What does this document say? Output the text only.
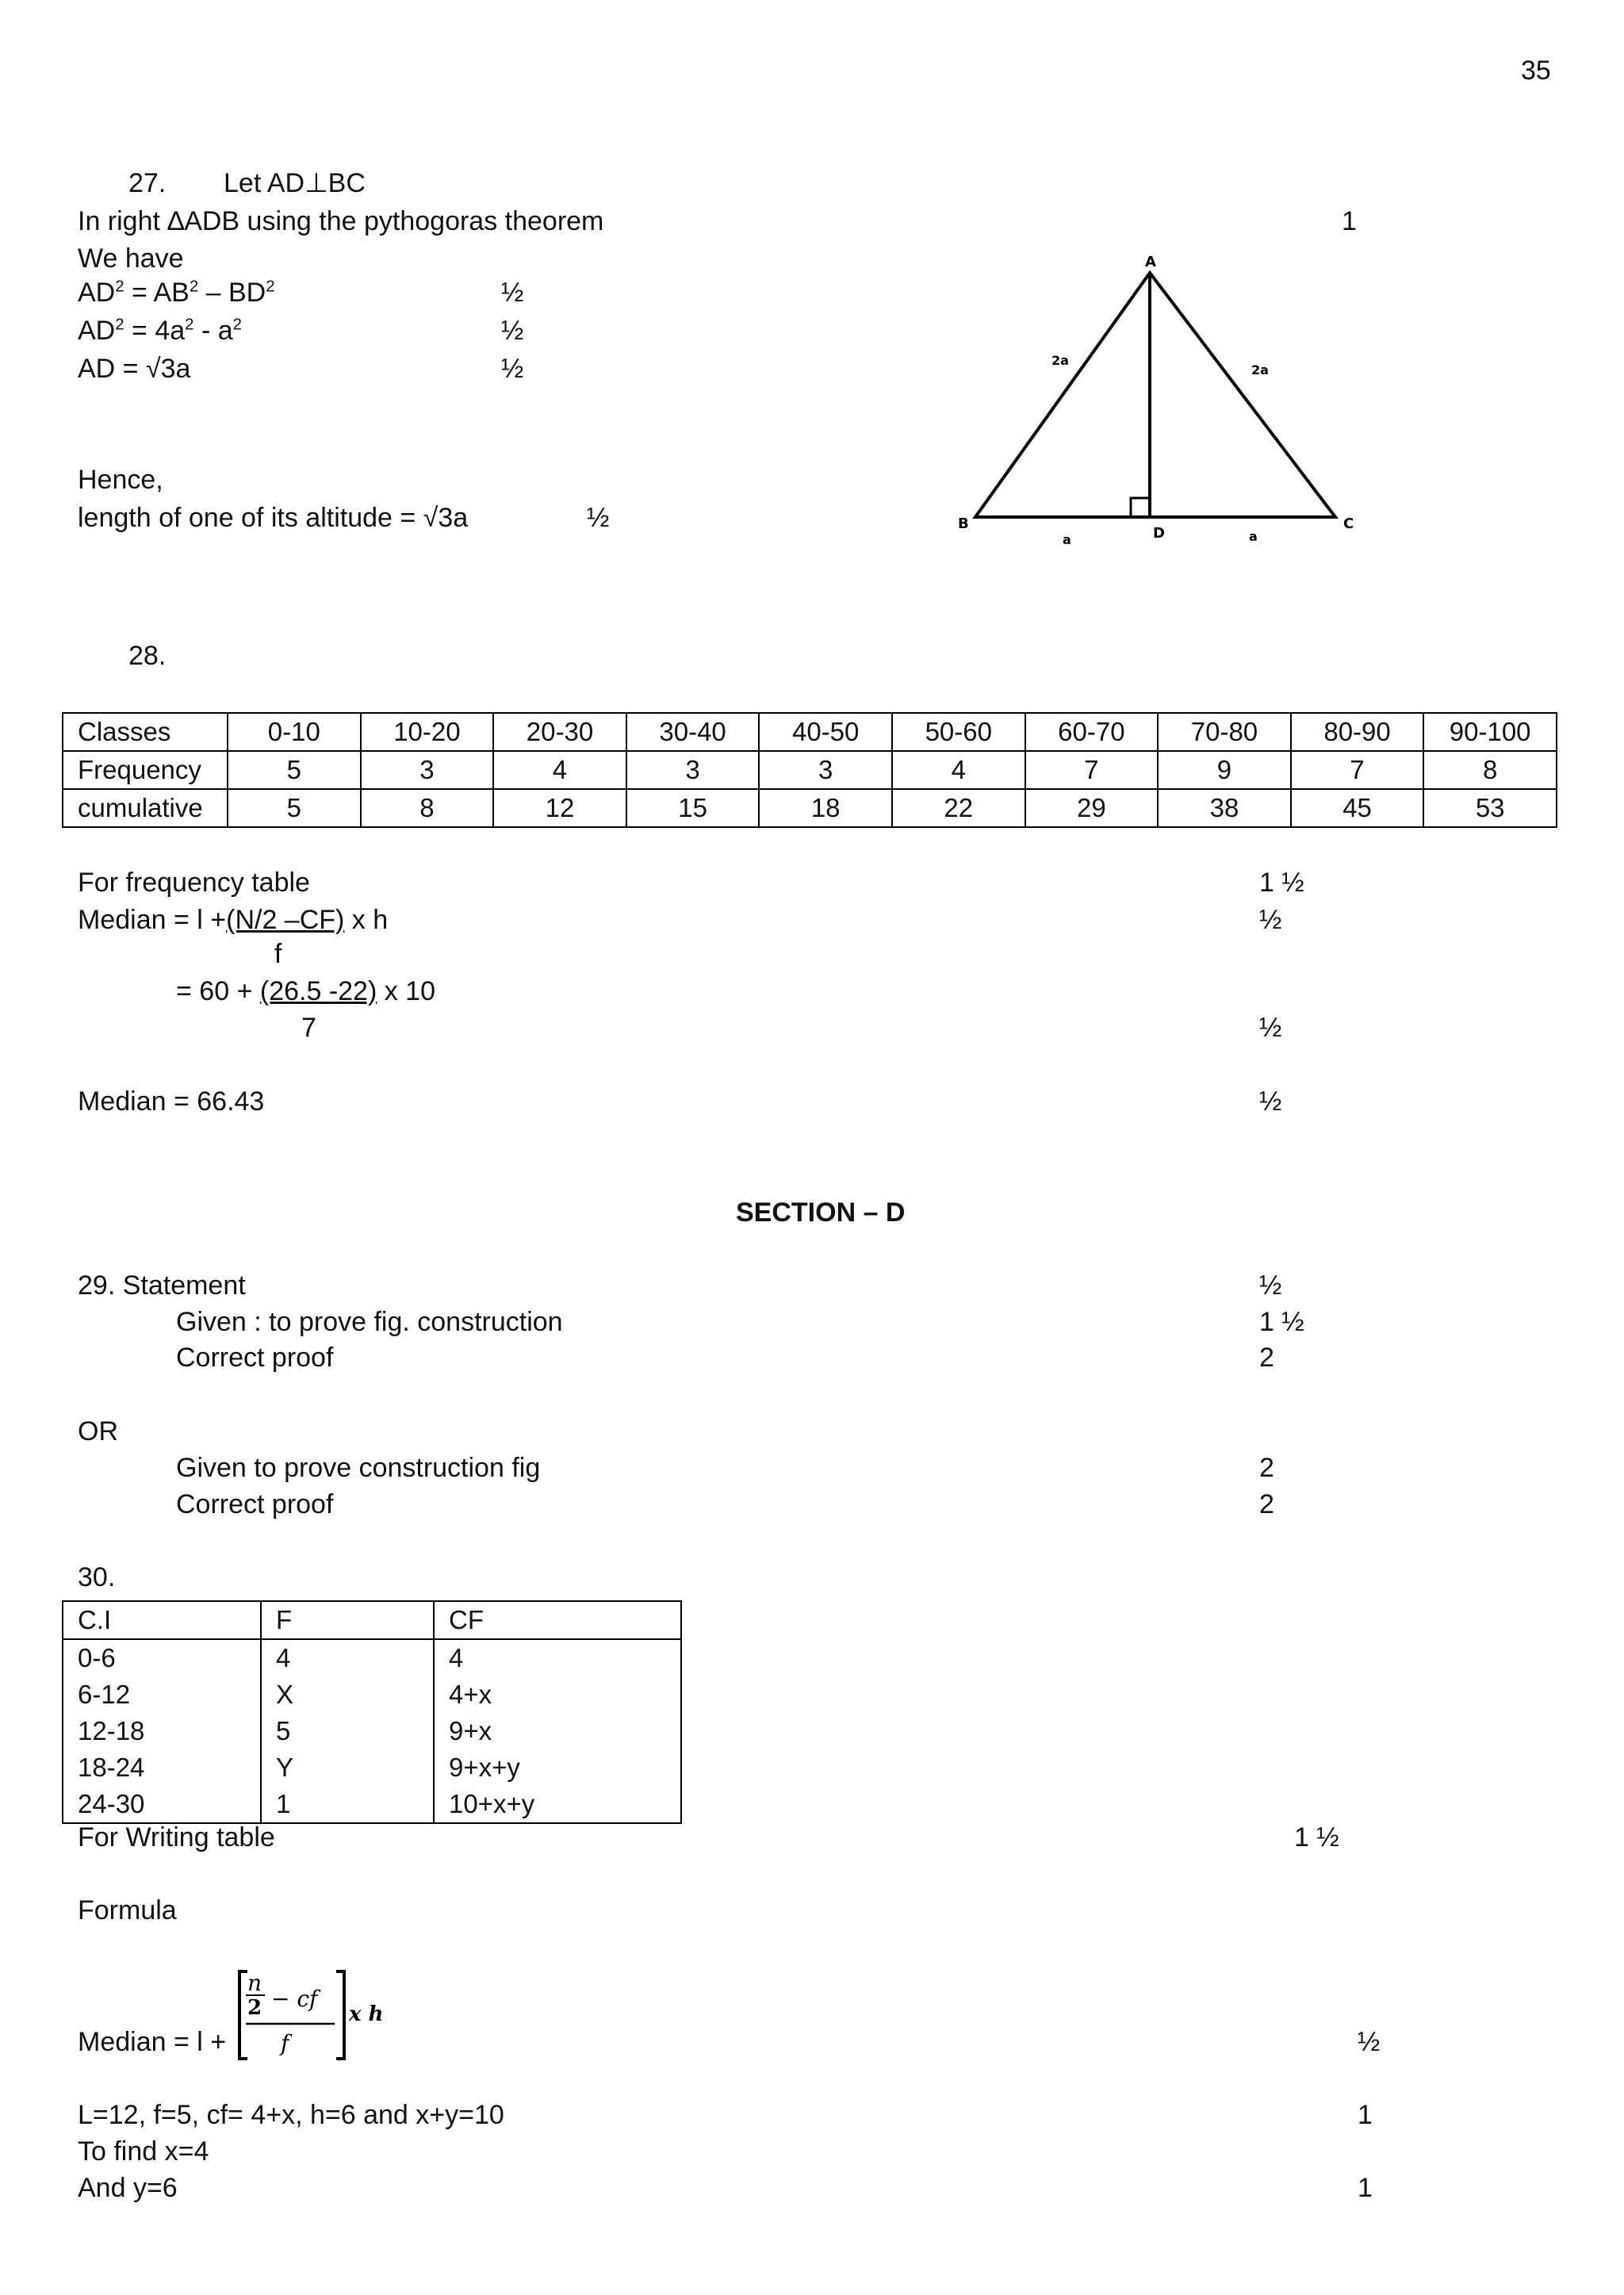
35
27. Let AD⊥BC
In right ∆ADB using the pythogoras theorem	1
We have
$AD^2 = AB^2 - BD^2$	½
$AD^2 = 4a^2 - a^2$	½
AD = √3a	½
Hence,
length of one of its altitude = √3a	½
A
B	C
D
2a
2a
a	a
28.
Classes	0-10	10-20	20-30	30-40	40-50	50-60	60-70	70-80	80-90	90-100
Frequency	5	3	4	3	3	4	7	9	7	8
cumulative	5	8	12	15	18	22	29	38	45	53
For frequency table	1 ½
Median = l +(N/2 –CF) x h	½
f
= 60 + (26.5 -22) x 10
7	½
Median = 66.43	½
SECTION – D
29. Statement	½
Given : to prove fig. construction	1 ½
Correct proof	2
OR
Given to prove construction fig	2
Correct proof	2
30.
C.I	F	CF
0-6	4	4
6-12	X	4+x
12-18	5	9+x
18-24	Y	9+x+y
24-30	1	10+x+y
For Writing table	1 ½
Formula
Median = l +
n
2 − cf
f
x h
½
L=12, f=5, cf= 4+x, h=6 and x+y=10	1
To find x=4
And y=6	1
